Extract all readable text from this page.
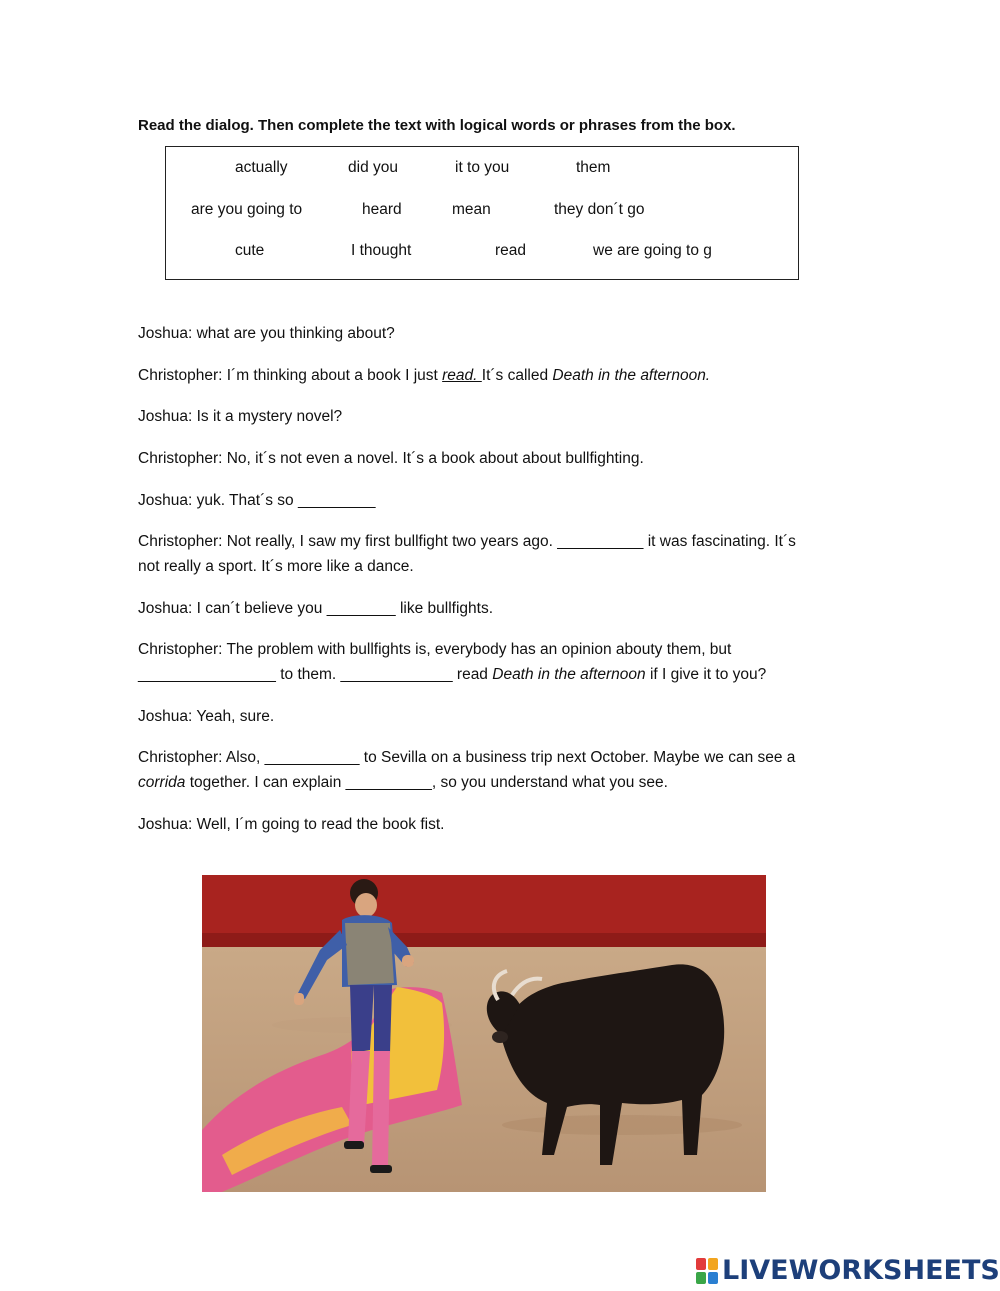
Read the dialog. Then complete the text with logical words or phrases from the box.
actually	did you	it to you	them
are you going to	heard	mean	they don´t go
cute	I thought	read	we are going to g
Joshua: what are you thinking about?
Christopher: I´m thinking about a book I just read. It´s called Death in the afternoon.
Joshua: Is it a mystery novel?
Christopher: No, it´s not even a novel. It´s a book about about bullfighting.
Joshua: yuk. That´s so _________
Christopher: Not really, I saw my first bullfight two years ago. __________ it was fascinating. It´s
not really a sport. It´s more like a dance.
Joshua: I can´t believe you ________ like bullfights.
Christopher: The problem with bullfights is, everybody has an opinion abouty them, but
________________ to them. _____________ read Death in the afternoon if I give it to you?
Joshua: Yeah, sure.
Christopher: Also, ___________ to Sevilla on a business trip next October. Maybe we can see a
corrida together. I can explain __________, so you understand what you see.
Joshua: Well, I´m going to read the book fist.
LIVEWORKSHEETS
